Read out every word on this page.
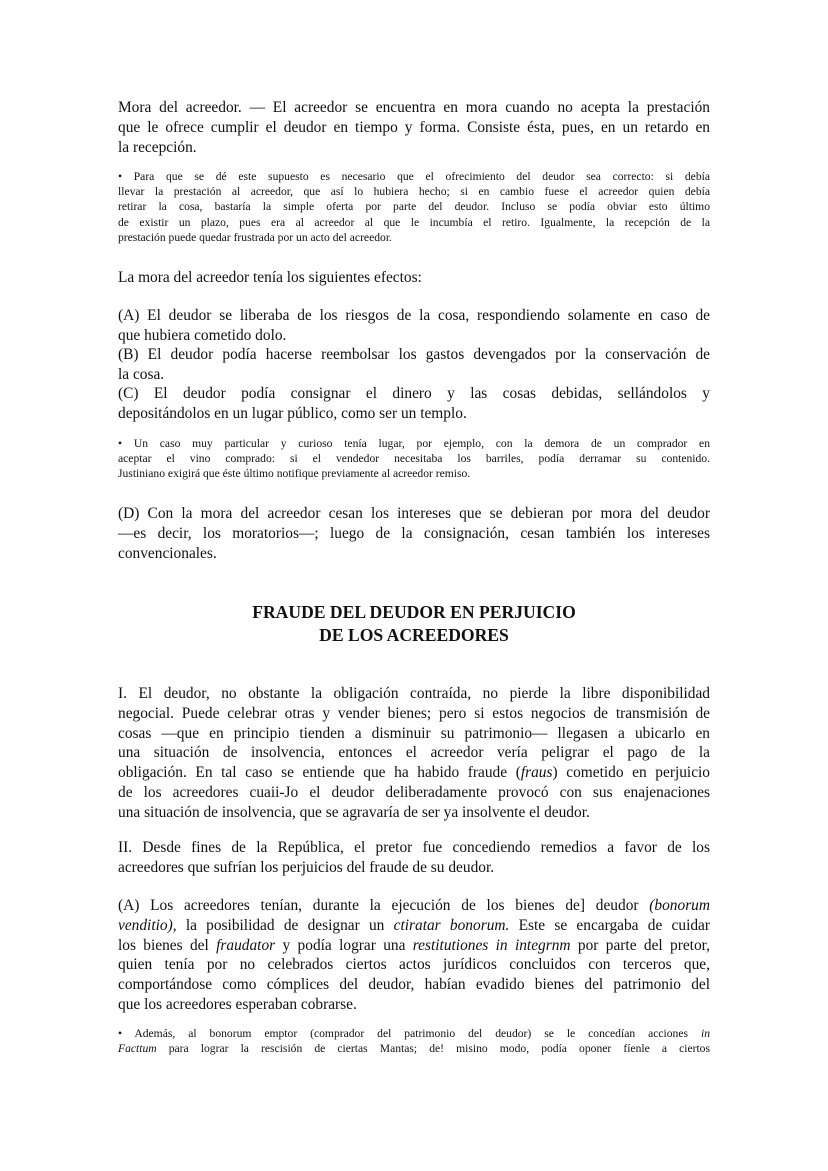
Mora del acreedor. — El acreedor se encuentra en mora cuando no acepta la prestación
que le ofrece cumplir el deudor en tiempo y forma. Consiste ésta, pues, en un retardo en
la recepción.
• Para que se dé este supuesto es necesario que el ofrecimiento del deudor sea correcto: si debía
llevar la prestación al acreedor, que así lo hubiera hecho; si en cambio fuese el acreedor quien debía
retirar la cosa, bastaría la simple oferta por parte del deudor. Incluso se podía obviar esto último
de existir un plazo, pues era al acreedor al que le incumbía el retiro. Igualmente, la recepción de la
prestación puede quedar frustrada por un acto del acreedor.
La mora del acreedor tenía los siguientes efectos:
(A) El deudor se liberaba de los riesgos de la cosa, respondiendo solamente en caso de
que hubiera cometido dolo.
(B) El deudor podía hacerse reembolsar los gastos devengados por la conservación de
la cosa.
(C) El deudor podía consignar el dinero y las cosas debidas, sellándolos y
depositándolos en un lugar público, como ser un templo.
• Un caso muy particular y curioso tenía lugar, por ejemplo, con la demora de un comprador en
aceptar el vino comprado: si el vendedor necesitaba los barriles, podía derramar su contenido.
Justiniano exigirá que éste último notifique previamente al acreedor remiso.
(D) Con la mora del acreedor cesan los intereses que se debieran por mora del deudor
—es decir, los moratorios—; luego de la consignación, cesan también los intereses
convencionales.

FRAUDE DEL DEUDOR EN PERJUICIO

DE LOS ACREEDORES

I. El deudor, no obstante la obligación contraída, no pierde la libre disponibilidad
negocial. Puede celebrar otras y vender bienes; pero si estos negocios de transmisión de
cosas —que en principio tienden a disminuir su patrimonio— llegasen a ubicarlo en
una situación de insolvencia, entonces el acreedor vería peligrar el pago de la
obligación. En tal caso se entiende que ha habido fraude (fraus) cometido en perjuicio
de los acreedores cuaii-Jo el deudor deliberadamente provocó con sus enajenaciones
una situación de insolvencia, que se agravaría de ser ya insolvente el deudor.
II. Desde fines de la República, el pretor fue concediendo remedios a favor de los
acreedores que sufrían los perjuicios del fraude de su deudor.
(A) Los acreedores tenían, durante la ejecución de los bienes de] deudor (bonorum
venditio), la posibilidad de designar un ctiratar bonorum. Este se encargaba de cuidar
los bienes del fraudator y podía lograr una restitutiones in integrnm por parte del pretor,
quien tenía por no celebrados ciertos actos jurídicos concluidos con terceros que,
comportándose como cómplices del deudor, habían evadido bienes del patrimonio del
que los acreedores esperaban cobrarse.
• Además, al bonorum emptor (comprador del patrimonio del deudor) se le concedían acciones in
Facttum para lograr la rescisión de ciertas Mantas; de! misino modo, podía oponer fíenle a ciertos
